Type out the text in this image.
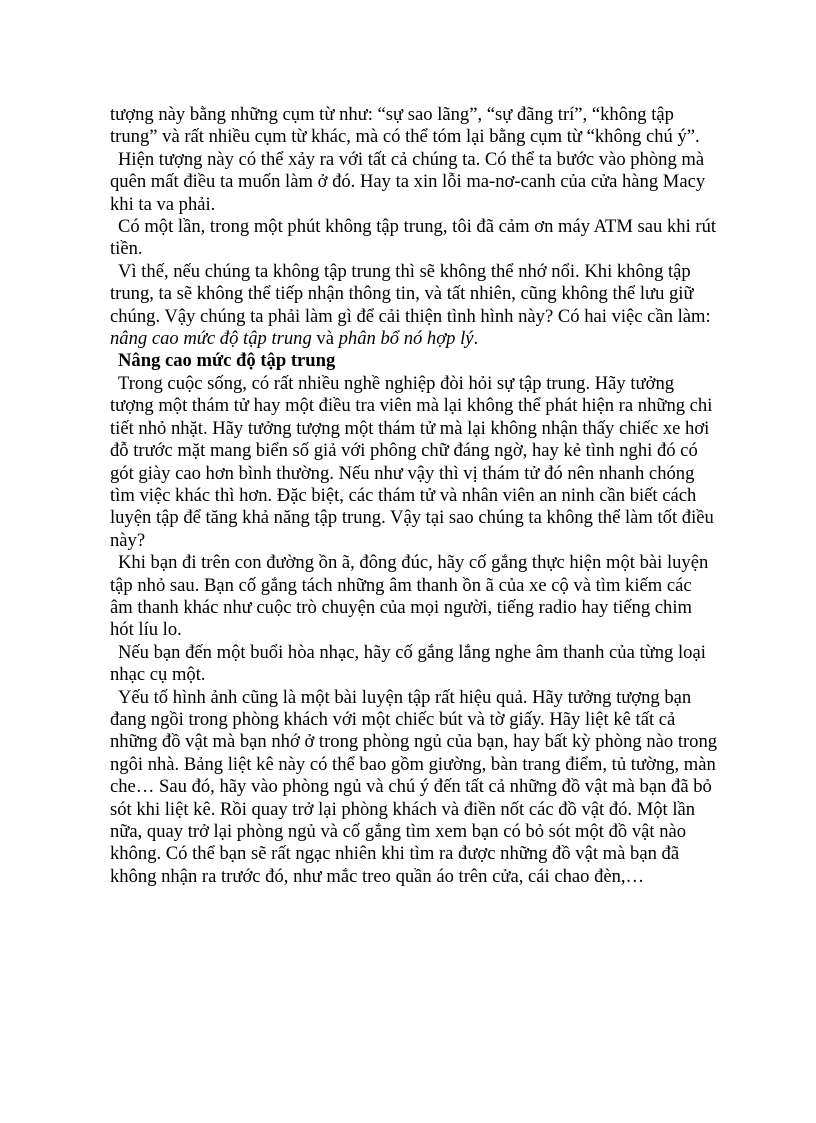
tượng này bằng những cụm từ như: “sự sao lãng”, “sự đãng trí”, “không tập trung” và rất nhiều cụm từ khác, mà có thể tóm lại bằng cụm từ “không chú ý”.

Hiện tượng này có thể xảy ra với tất cả chúng ta. Có thể ta bước vào phòng mà quên mất điều ta muốn làm ở đó. Hay ta xin lỗi ma-nơ-canh của cửa hàng Macy khi ta va phải.

Có một lần, trong một phút không tập trung, tôi đã cảm ơn máy ATM sau khi rút tiền.

Vì thế, nếu chúng ta không tập trung thì sẽ không thể nhớ nổi. Khi không tập trung, ta sẽ không thể tiếp nhận thông tin, và tất nhiên, cũng không thể lưu giữ chúng. Vậy chúng ta phải làm gì để cải thiện tình hình này? Có hai việc cần làm: nâng cao mức độ tập trung và phân bổ nó hợp lý.

Nâng cao mức độ tập trung

Trong cuộc sống, có rất nhiều nghề nghiệp đòi hỏi sự tập trung. Hãy tưởng tượng một thám tử hay một điều tra viên mà lại không thể phát hiện ra những chi tiết nhỏ nhặt. Hãy tưởng tượng một thám tử mà lại không nhận thấy chiếc xe hơi đỗ trước mặt mang biển số giả với phông chữ đáng ngờ, hay kẻ tình nghi đó có gót giày cao hơn bình thường. Nếu như vậy thì vị thám tử đó nên nhanh chóng tìm việc khác thì hơn. Đặc biệt, các thám tử và nhân viên an ninh cần biết cách luyện tập để tăng khả năng tập trung. Vậy tại sao chúng ta không thể làm tốt điều này?

Khi bạn đi trên con đường ồn ã, đông đúc, hãy cố gắng thực hiện một bài luyện tập nhỏ sau. Bạn cố gắng tách những âm thanh ồn ã của xe cộ và tìm kiếm các âm thanh khác như cuộc trò chuyện của mọi người, tiếng radio hay tiếng chim hót líu lo.

Nếu bạn đến một buổi hòa nhạc, hãy cố gắng lắng nghe âm thanh của từng loại nhạc cụ một.

Yếu tố hình ảnh cũng là một bài luyện tập rất hiệu quả. Hãy tưởng tượng bạn đang ngồi trong phòng khách với một chiếc bút và tờ giấy. Hãy liệt kê tất cả những đồ vật mà bạn nhớ ở trong phòng ngủ của bạn, hay bất kỳ phòng nào trong ngôi nhà. Bảng liệt kê này có thể bao gồm giường, bàn trang điểm, tủ tường, màn che… Sau đó, hãy vào phòng ngủ và chú ý đến tất cả những đồ vật mà bạn đã bỏ sót khi liệt kê. Rồi quay trở lại phòng khách và điền nốt các đồ vật đó. Một lần nữa, quay trở lại phòng ngủ và cố gắng tìm xem bạn có bỏ sót một đồ vật nào không. Có thể bạn sẽ rất ngạc nhiên khi tìm ra được những đồ vật mà bạn đã không nhận ra trước đó, như mắc treo quần áo trên cửa, cái chao đèn,…
